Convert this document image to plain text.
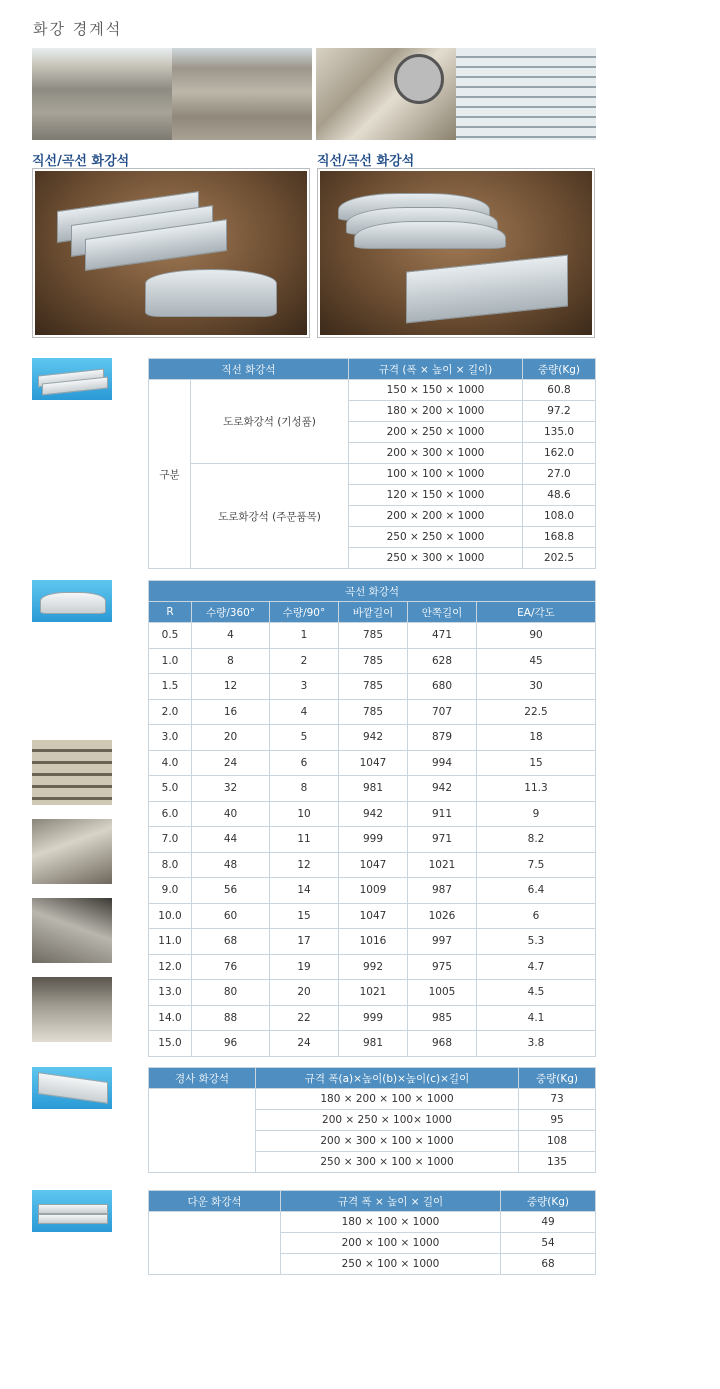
화강 경계석
직선/곡선 화강석	직선/곡선 화강석
직선 화강석		규격 (폭 × 높이 × 길이)	중량(Kg)
구분	도로화강석 (기성품)	150 × 150 × 1000	60.8
		180 × 200 × 1000	97.2
		200 × 250 × 1000	135.0
		200 × 300 × 1000	162.0
	도로화강석 (주문품목)	100 × 100 × 1000	27.0
		120 × 150 × 1000	48.6
		200 × 200 × 1000	108.0
		250 × 250 × 1000	168.8
		250 × 300 × 1000	202.5
곡선 화강석					
R	수량/360°	수량/90°	바깥길이	안쪽길이	EA/각도
0.5	4	1	785	471	90
1.0	8	2	785	628	45
1.5	12	3	785	680	30
2.0	16	4	785	707	22.5
3.0	20	5	942	879	18
4.0	24	6	1047	994	15
5.0	32	8	981	942	11.3
6.0	40	10	942	911	9
7.0	44	11	999	971	8.2
8.0	48	12	1047	1021	7.5
9.0	56	14	1009	987	6.4
10.0	60	15	1047	1026	6
11.0	68	17	1016	997	5.3
12.0	76	19	992	975	4.7
13.0	80	20	1021	1005	4.5
14.0	88	22	999	985	4.1
15.0	96	24	981	968	3.8
경사 화강석	규격 폭(a)×높이(b)×높이(c)×길이	중량(Kg)
	180 × 200 × 100 × 1000	73
	200 × 250 × 100× 1000	95
	200 × 300 × 100 × 1000	108
	250 × 300 × 100 × 1000	135
다운 화강석	규격 폭 × 높이 × 길이	중량(Kg)
	180 × 100 × 1000	49
	200 × 100 × 1000	54
	250 × 100 × 1000	68
